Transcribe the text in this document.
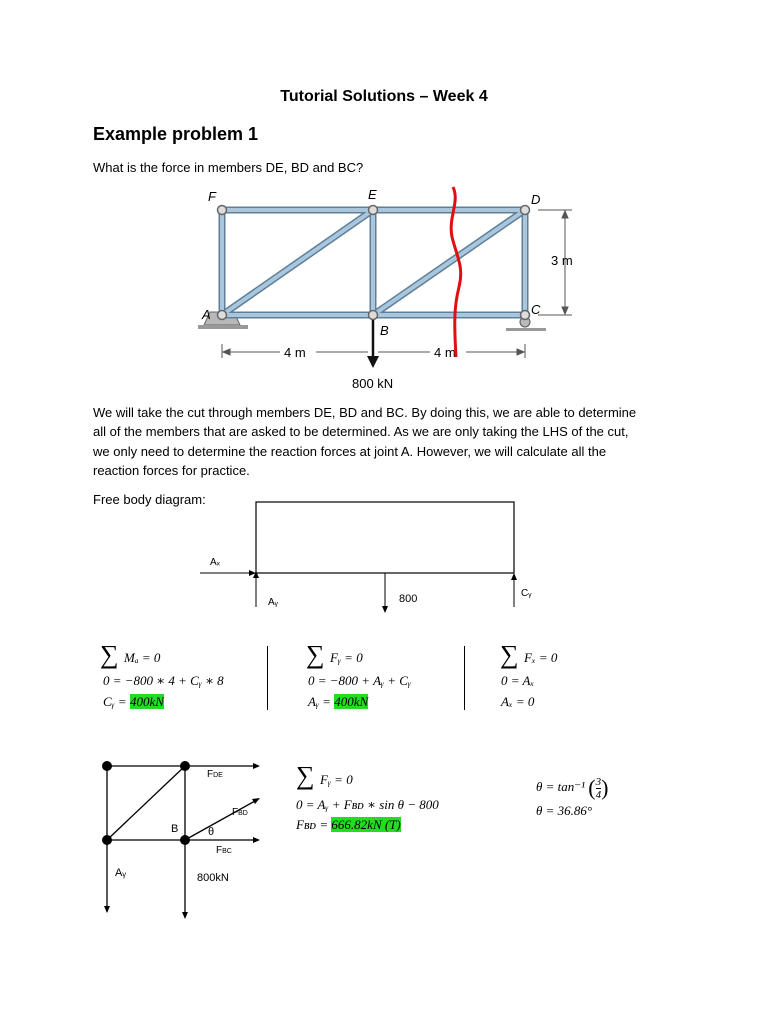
Tutorial Solutions – Week 4
Example problem 1
What is the force in members DE, BD and BC?
F	E	D
A
B
C
3 m
4 m	4 m
800 kN
We will take the cut through members DE, BD and BC. By doing this, we are able to determine
all of the members that are asked to be determined. As we are only taking the LHS of the cut,
we only need to determine the reaction forces at joint A. However, we will calculate all the
reaction forces for practice.
Free body diagram:
Aₓ
Aᵧ	800	Cᵧ
∑ Mₐ = 0
0 = −800 ∗ 4 + Cᵧ ∗ 8
Cᵧ = 400kN
∑ Fᵧ = 0
0 = −800 + Aᵧ + Cᵧ
Aᵧ = 400kN
∑ Fₓ = 0
0 = Aₓ
Aₓ = 0
FDE
FBD
FBC
θ
B
Aᵧ	800kN
∑ Fᵧ = 0
0 = Aᵧ + Fʙᴅ ∗ sin θ − 800
Fʙᴅ = 666.82kN (T)
θ = tan⁻¹ ( $\frac{3}{4}$ )
θ = 36.86°
